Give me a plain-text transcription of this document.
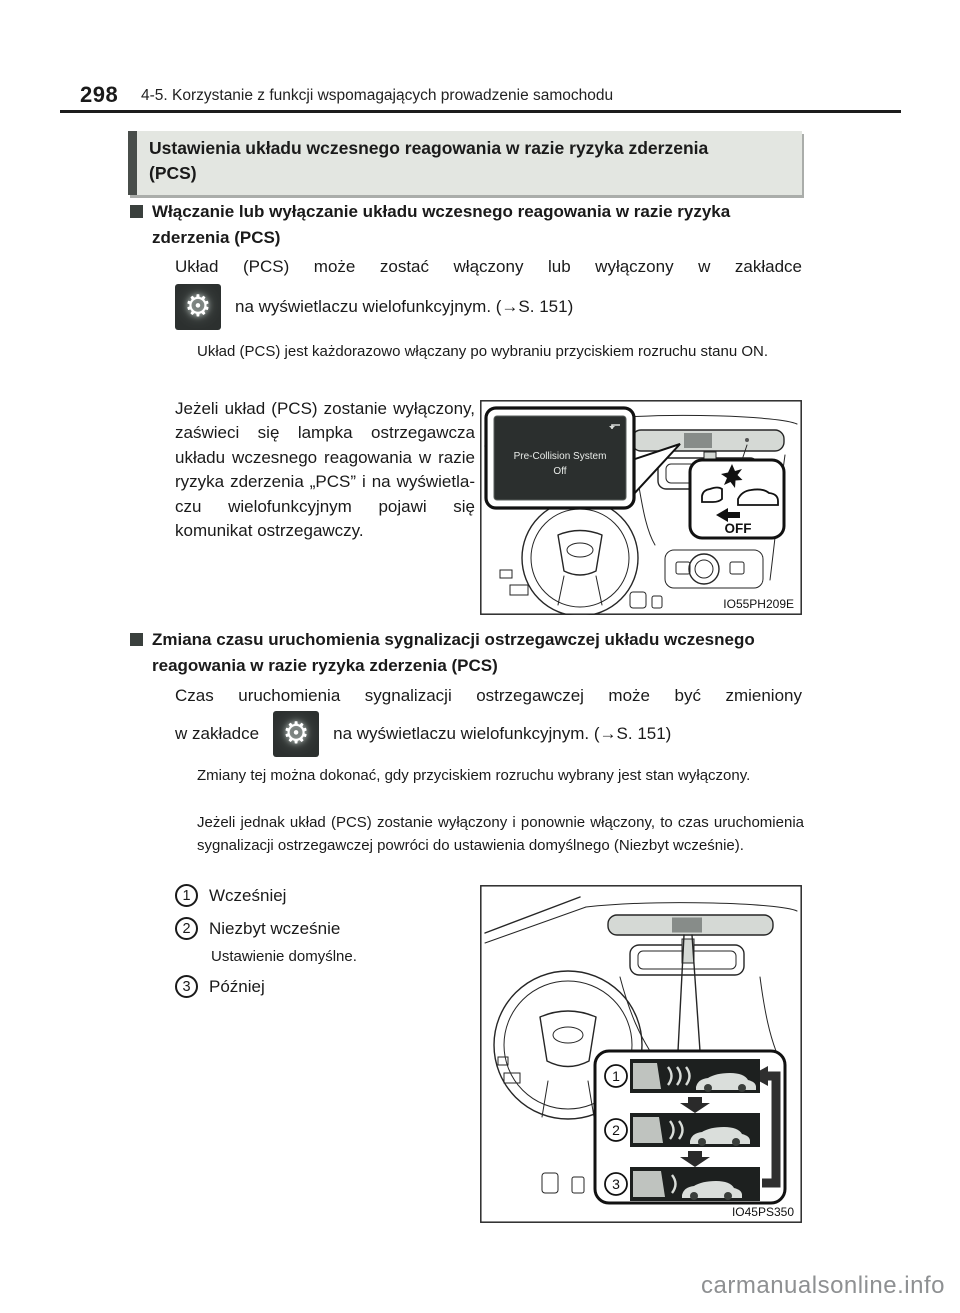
298 4-5. Korzystanie z funkcji wspomagających prowadzenie samochodu
Ustawienia układu wczesnego reagowania w razie ryzyka zderzenia (PCS)
Włączanie lub wyłączanie układu wczesnego reagowania w razie ryzyka zderzenia (PCS)
Układ (PCS) może zostać włączony lub wyłączony w zakładce
⚙ na wyświetlaczu wielofunkcyjnym. (→S. 151)
Układ (PCS) jest każdorazowo włączany po wybraniu przyciskiem rozruchu stanu ON.
Jeżeli układ (PCS) zostanie wyłączony, zaświeci się lampka ostrzegawcza układu wczesnego reagowania w razie ryzyka zderzenia „PCS” i na wyświetlaczu wielofunkcyjnym pojawi się komunikat ostrzegawczy.
Pre-Collision System
Off
OFF
IO55PH209E
Zmiana czasu uruchomienia sygnalizacji ostrzegawczej układu wczesnego reagowania w razie ryzyka zderzenia (PCS)
Czas uruchomienia sygnalizacji ostrzegawczej może być zmieniony
w zakładce ⚙ na wyświetlaczu wielofunkcyjnym. (→S. 151)
Zmiany tej można dokonać, gdy przyciskiem rozruchu wybrany jest stan wyłączony.
Jeżeli jednak układ (PCS) zostanie wyłączony i ponownie włączony, to czas uruchomienia sygnalizacji ostrzegawczej powróci do ustawienia domyślnego (Niezbyt wcześnie).
1	Wcześniej
2	Niezbyt wcześnie
Ustawienie domyślne.
3	Później
1
2
3
IO45PS350
carmanualsonline.info
